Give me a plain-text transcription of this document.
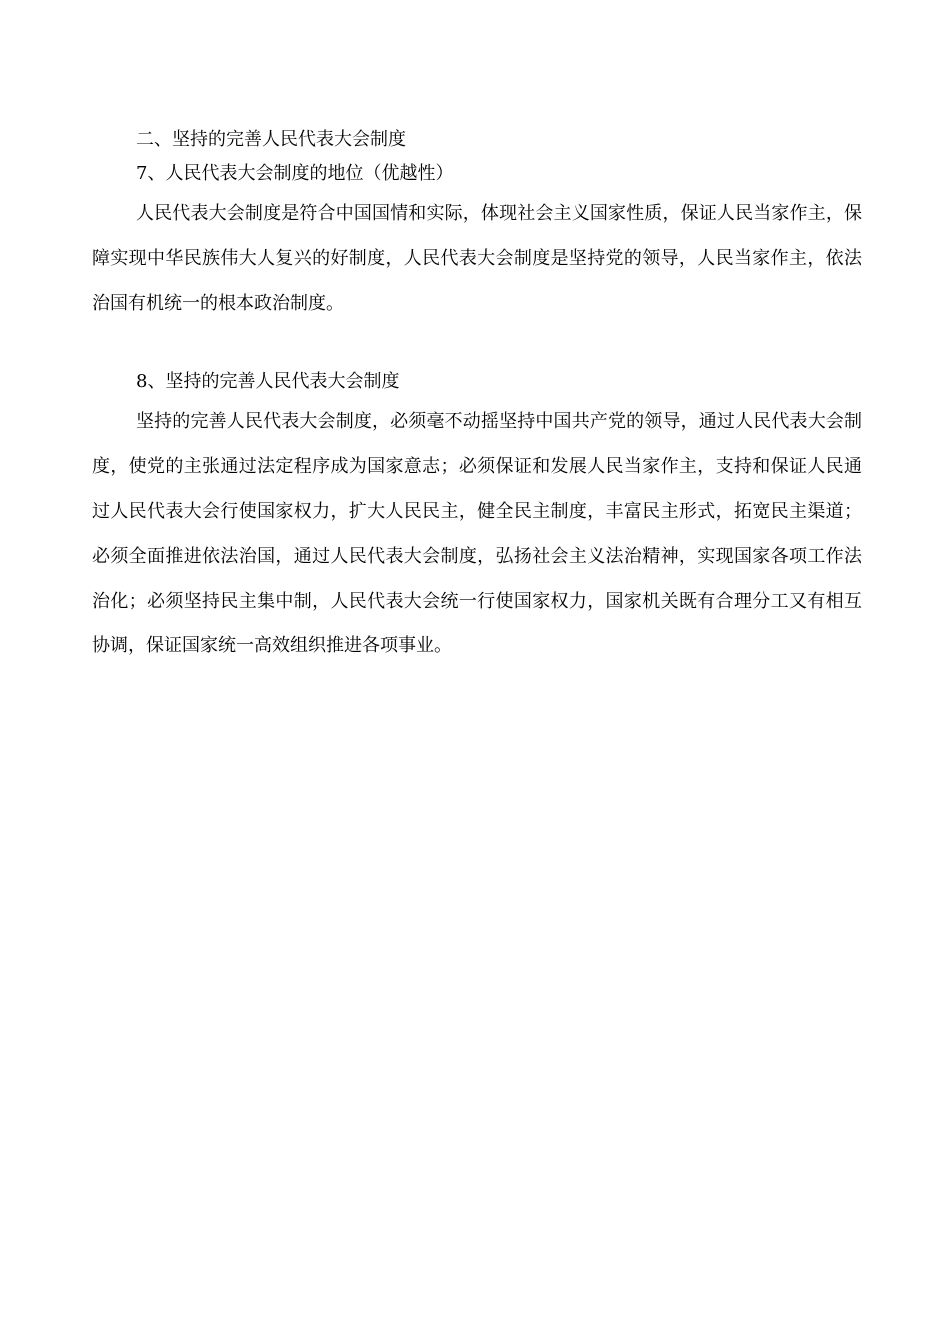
二、坚持的完善人民代表大会制度

7、人民代表大会制度的地位（优越性）

人民代表大会制度是符合中国国情和实际，体现社会主义国家性质，保证人民当家作主，保障实现中华民族伟大人复兴的好制度，人民代表大会制度是坚持党的领导，人民当家作主，依法治国有机统一的根本政治制度。

8、坚持的完善人民代表大会制度

坚持的完善人民代表大会制度，必须毫不动摇坚持中国共产党的领导，通过人民代表大会制度，使党的主张通过法定程序成为国家意志；必须保证和发展人民当家作主，支持和保证人民通过人民代表大会行使国家权力，扩大人民民主，健全民主制度，丰富民主形式，拓宽民主渠道；必须全面推进依法治国，通过人民代表大会制度，弘扬社会主义法治精神，实现国家各项工作法治化；必须坚持民主集中制，人民代表大会统一行使国家权力，国家机关既有合理分工又有相互协调，保证国家统一高效组织推进各项事业。
